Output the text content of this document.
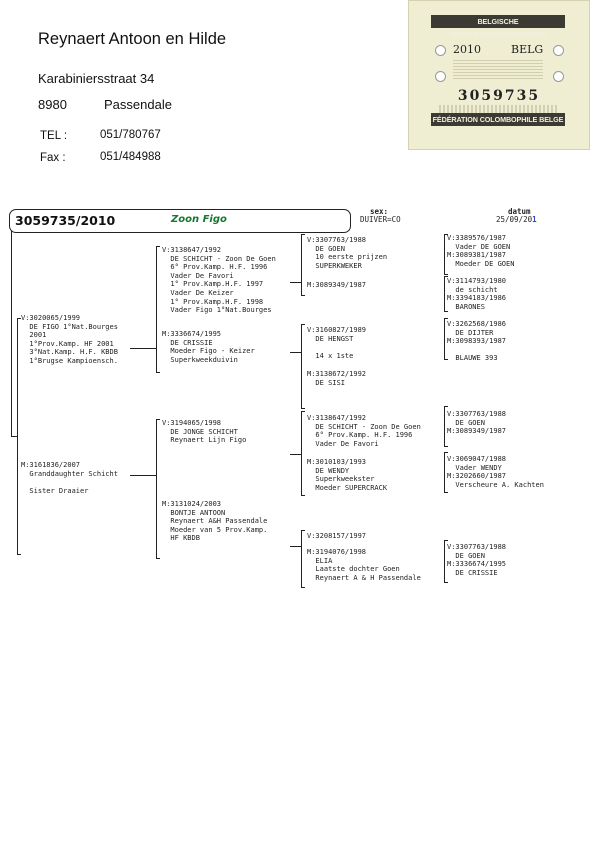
Reynaert Antoon en Hilde
Karabiniersstraat 34
8980	Passendale
TEL :	051/780767
Fax :	051/484988
BELGISCHE DUIVENLIEFHEBBERSBOND
2010	BELG
3059735
FÉDÉRATION COLOMBOPHILE BELGE
sex:
DUIVER=CO
datum
25/09/201
3059735/2010	Zoon Figo
V:3020065/1999
DE FIGO 1°Nat.Bourges
2001
1°Prov.Kamp. HF 2001
3°Nat.Kamp. H.F. KBDB
1°Brugse Kampioensch.
M:3161836/2007
Granddaughter Schicht

Sister Draaier
V:3138647/1992
DE SCHICHT - Zoon De Goen
6° Prov.Kamp. H.F. 1996
Vader De Favori
1° Prov.Kamp.H.F. 1997
Vader De Keizer
1° Prov.Kamp.H.F. 1998
Vader Figo 1°Nat.Bourges
M:3336674/1995
DE CRISSIE
Moeder Figo - Keizer
Superkweekduivin
V:3194065/1998
DE JONGE SCHICHT
Reynaert Lijn Figo
M:3131024/2003
BONTJE ANTOON
Reynaert A&H Passendale
Moeder van 5 Prov.Kamp.
HF KBDB
V:3307763/1988
DE GOEN
10 eerste prijzen
SUPERKWEKER
M:3089349/1987
V:3160827/1989
DE HENGST

14 x 1ste
M:3138672/1992
DE SISI
V:3138647/1992
DE SCHICHT - Zoon De Goen
6° Prov.Kamp. H.F. 1996
Vader De Favori
M:3010103/1993
DE WENDY
Superkweekster
Moeder SUPERCRACK
V:3208157/1997
M:3194076/1998
ELIA
Laatste dochter Goen
Reynaert A & H Passendale
V:3389576/1987
Vader DE GOEN
M:3089381/1987
Moeder DE GOEN
V:3114793/1980
de schicht
M:3394183/1986
BARONES
V:3262568/1986
DE DIJTER
M:3098393/1987

BLAUWE 393
V:3307763/1988
DE GOEN
M:3089349/1987
V:3069047/1988
Vader WENDY
M:3202660/1987
Verscheure A. Kachten
V:3307763/1988
DE GOEN
M:3336674/1995
DE CRISSIE
